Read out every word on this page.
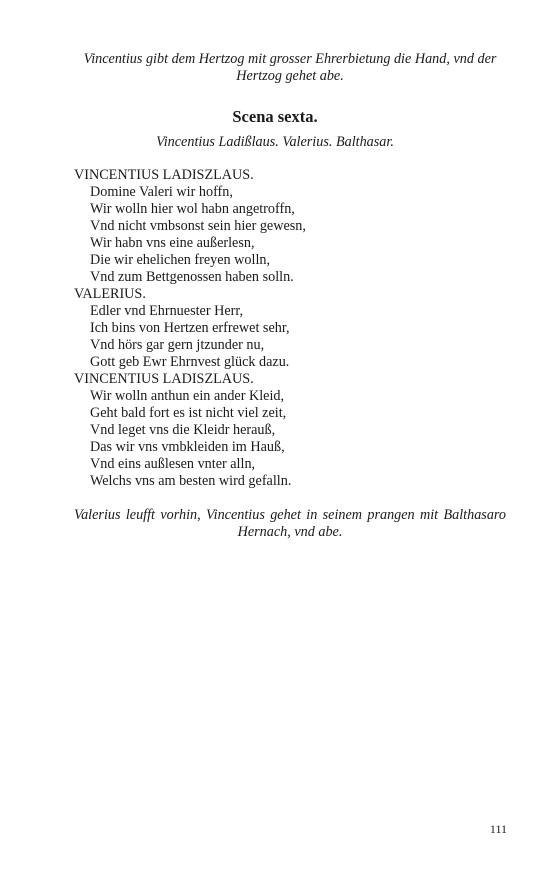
Vincentius gibt dem Hertzog mit grosser Ehrerbietung die Hand, vnd der Hertzog gehet abe.
Scena sexta.
Vincentius Ladißlaus. Valerius. Balthasar.
VINCENTIUS LADISZLAUS.
Domine Valeri wir hoffn,
Wir wolln hier wol habn angetroffn,
Vnd nicht vmbsonst sein hier gewesn,
Wir habn vns eine außerlesn,
Die wir ehelichen freyen wolln,
Vnd zum Bettgenossen haben solln.
VALERIUS.
Edler vnd Ehrnuester Herr,
Ich bins von Hertzen erfrewet sehr,
Vnd hörs gar gern jtzunder nu,
Gott geb Ewr Ehrnvest glück dazu.
VINCENTIUS LADISZLAUS.
Wir wolln anthun ein ander Kleid,
Geht bald fort es ist nicht viel zeit,
Vnd leget vns die Kleidr herauß,
Das wir vns vmbkleiden im Hauß,
Vnd eins außlesen vnter alln,
Welchs vns am besten wird gefalln.
Valerius leufft vorhin, Vincentius gehet in seinem prangen mit Balthasaro Hernach, vnd abe.
111
